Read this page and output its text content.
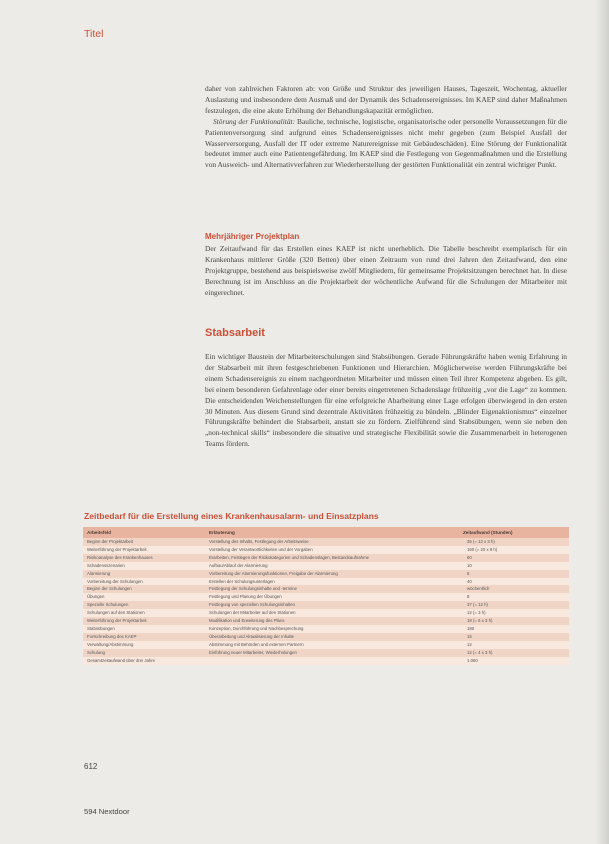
Titel

daher von zahlreichen Faktoren ab: von Größe und Struktur des jeweiligen Hauses, Tageszeit, Wochentag, aktueller Auslastung und insbesondere dem Ausmaß und der Dynamik des Schadensereignisses. Im KAEP sind daher Maßnahmen festzulegen, die eine akute Erhöhung der Behandlungskapazität ermöglichen.

Störung der Funktionalität: Bauliche, technische, logistische, organisatorische oder personelle Voraussetzungen für die Patientenversorgung sind aufgrund eines Schadensereignisses nicht mehr gegeben (zum Beispiel Ausfall der Wasserversorgung, Ausfall der IT oder extreme Naturereignisse mit Gebäudeschäden). Eine Störung der Funktionalität bedeutet immer auch eine Patientengefährdung. Im KAEP sind die Festlegung von Gegenmaßnahmen und die Erstellung von Ausweich- und Alternativverfahren zur Wiederherstellung der gestörten Funktionalität ein zentral wichtiger Punkt.

Mehrjähriger Projektplan
Der Zeitaufwand für das Erstellen eines KAEP ist nicht unerheblich. Die Tabelle beschreibt exemplarisch für ein Krankenhaus mittlerer Größe (320 Betten) über einen Zeitraum von rund drei Jahren den Zeitaufwand, den eine Projektgruppe, bestehend aus beispielsweise zwölf Mitgliedern, für gemeinsame Projektsitzungen berechnet hat. In diese Berechnung ist im Anschluss an die Projektarbeit der wöchentliche Aufwand für die Schulungen der Mitarbeiter mit eingerechnet.
Stabsarbeit
Ein wichtiger Baustein der Mitarbeiterschulungen sind Stabsübungen. Gerade Führungskräfte haben wenig Erfahrung in der Stabsarbeit mit ihren festgeschriebenen Funktionen und Hierarchien. Möglicherweise werden Führungskräfte bei einem Schadensereignis zu einem nachgeordneten Mitarbeiter und müssen einen Teil ihrer Kompetenz abgeben. Es gilt, bei einem besonderen Gefahrenlage oder einer bereits eingetretenen Schadenslage frühzeitig „vor die Lage“ zu kommen. Die entscheidenden Weichenstellungen für eine erfolgreiche Abarbeitung einer Lage erfolgen überwiegend in den ersten 30 Minuten. Aus diesem Grund sind dezentrale Aktivitäten frühzeitig zu bündeln. „Blinder Eigenaktionismus“ einzelner Führungskräfte behindert die Stabsarbeit, anstatt sie zu fördern. Zielführend sind Stabsübungen, wenn sie neben den „non-technical skills“ insbesondere die situative und strategische Flexibilität sowie die Zusammenarbeit in heterogenen Teams fördern.
Zeitbedarf für die Erstellung eines Krankenhausalarm- und Einsatzplans
Arbeitsfeld	Erläuterung	Zeitaufwand (Stunden)
Beginn der Projektarbeit	Vorstellung des Inhalts, Festlegung der Arbeitsweise	36 (= 12 x 3 h)
Weiterführung der Projektarbeit	Vorstellung der Verantwortlichkeiten und der Vorgaben	160 (= 20 x 8 h)
Risikoanalyse des Krankenhauses	Erarbeiten, Festlegen der Risikokategorien und Schadenslagen, Bestandsaufnahme	60
Schadensszenarien	Aufbau/Ablauf der Alarmierung	10
Alarmierung	Vorbereitung der Alarmierungsfunktionen, Freigabe der Alarmierung	6
Vorbereitung der Schulungen	Erstellen der Schulungsunterlagen	40
Beginn der Schulungen	Festlegung der Schulungsinhalte und -termine	wöchentlich
Übungen	Festlegung und Planung der Übungen	8
Spezielle Schulungen	Festlegung von speziellen Schulungsinhalten	37 (= 12 h)
Schulungen auf den Stationen	Schulungen der Mitarbeiter auf den Stationen	12 (= 3 h)
Weiterführung der Projektarbeit	Modifikation und Erweiterung des Plans	18 (= 6 x 3 h)
Stabsübungen	Konzeption, Durchführung und Nachbesprechung	180
Fortschreibung des KAEP	Überarbeitung und Aktualisierung der Inhalte	15
Verwaltung/Abstimmung	Abstimmung mit Behörden und externen Partnern	12
Schulung	Einführung neuer Mitarbeiter, Wiederholungen	12 (= 4 x 3 h)
Gesamtzeitaufwand über drei Jahre		1.060
612
594 Nextdoor
